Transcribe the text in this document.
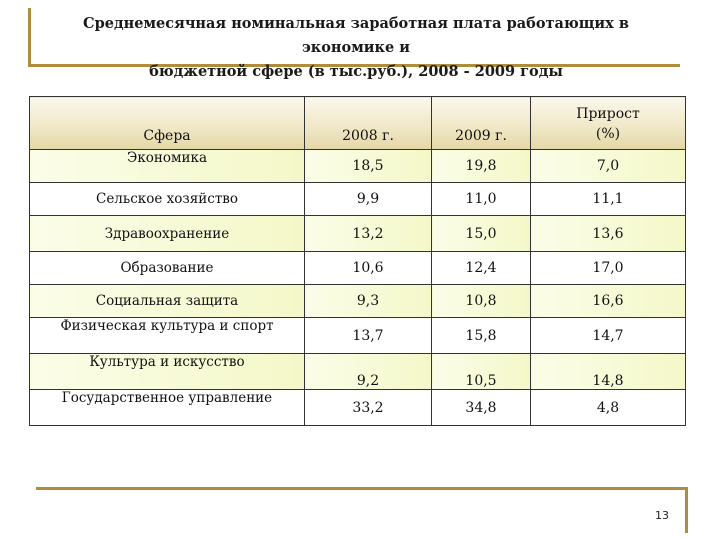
Среднемесячная номинальная заработная плата работающих в экономике и
бюджетной сфере (в тыс.руб.), 2008 - 2009 годы
Сфера	2008 г.	2009 г.	Прирост
(%)
Экономика	18,5	19,8	7,0
Сельское хозяйство	9,9	11,0	11,1
Здравоохранение	13,2	15,0	13,6
Образование	10,6	12,4	17,0
Социальная защита	9,3	10,8	16,6
Физическая культура и спорт	13,7	15,8	14,7
Культура и искусство	9,2	10,5	14,8
Государственное управление	33,2	34,8	4,8
13
